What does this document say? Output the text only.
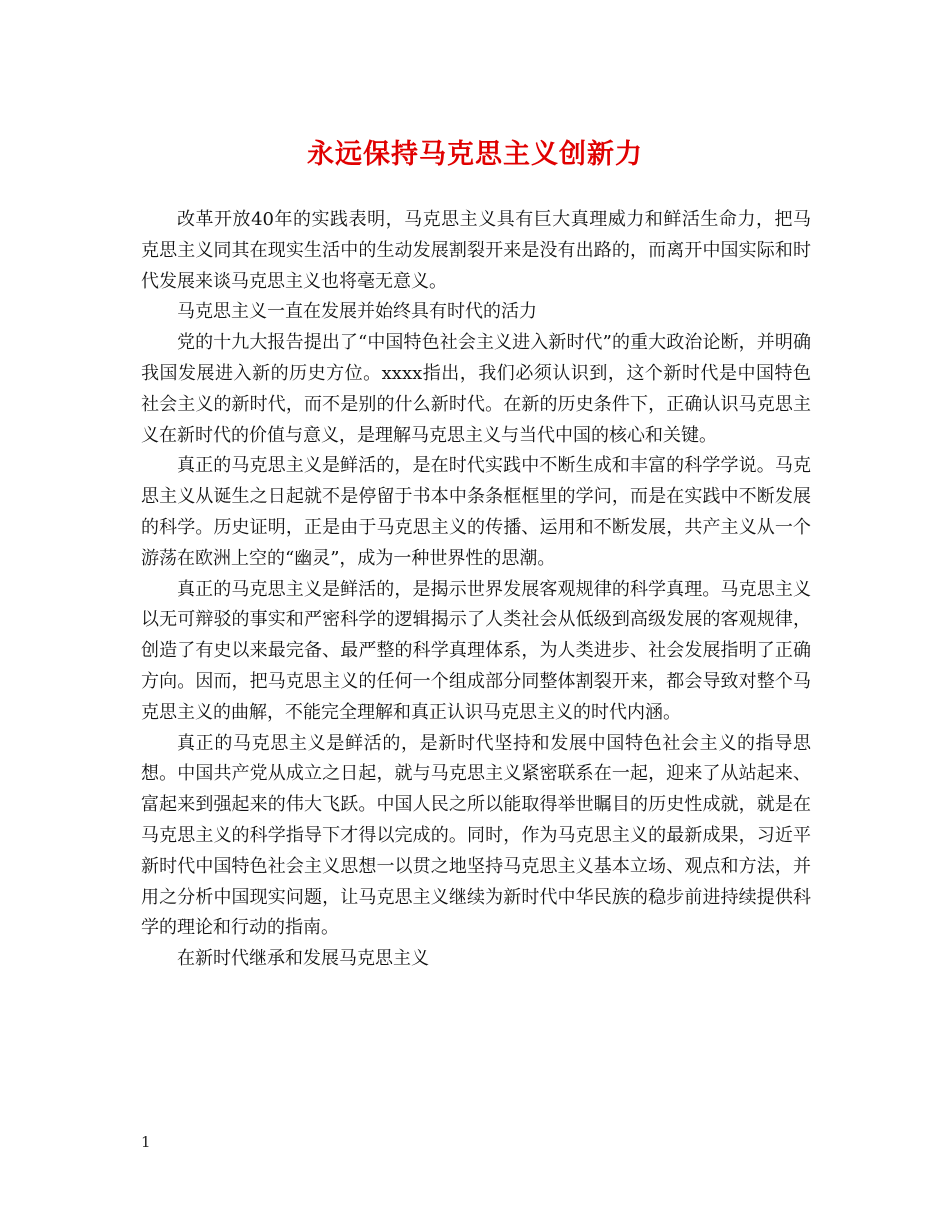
永远保持马克思主义创新力

改革开放40年的实践表明，马克思主义具有巨大真理威力和鲜活生命力，把马克思主义同其在现实生活中的生动发展割裂开来是没有出路的，而离开中国实际和时代发展来谈马克思主义也将毫无意义。

马克思主义一直在发展并始终具有时代的活力

党的十九大报告提出了“中国特色社会主义进入新时代”的重大政治论断，并明确我国发展进入新的历史方位。xxxx指出，我们必须认识到，这个新时代是中国特色社会主义的新时代，而不是别的什么新时代。在新的历史条件下，正确认识马克思主义在新时代的价值与意义，是理解马克思主义与当代中国的核心和关键。

真正的马克思主义是鲜活的，是在时代实践中不断生成和丰富的科学学说。马克思主义从诞生之日起就不是停留于书本中条条框框里的学问，而是在实践中不断发展的科学。历史证明，正是由于马克思主义的传播、运用和不断发展，共产主义从一个游荡在欧洲上空的“幽灵”，成为一种世界性的思潮。

真正的马克思主义是鲜活的，是揭示世界发展客观规律的科学真理。马克思主义以无可辩驳的事实和严密科学的逻辑揭示了人类社会从低级到高级发展的客观规律，创造了有史以来最完备、最严整的科学真理体系，为人类进步、社会发展指明了正确方向。因而，把马克思主义的任何一个组成部分同整体割裂开来，都会导致对整个马克思主义的曲解，不能完全理解和真正认识马克思主义的时代内涵。

真正的马克思主义是鲜活的，是新时代坚持和发展中国特色社会主义的指导思想。中国共产党从成立之日起，就与马克思主义紧密联系在一起，迎来了从站起来、富起来到强起来的伟大飞跃。中国人民之所以能取得举世瞩目的历史性成就，就是在马克思主义的科学指导下才得以完成的。同时，作为马克思主义的最新成果，习近平新时代中国特色社会主义思想一以贯之地坚持马克思主义基本立场、观点和方法，并用之分析中国现实问题，让马克思主义继续为新时代中华民族的稳步前进持续提供科学的理论和行动的指南。

在新时代继承和发展马克思主义

1
